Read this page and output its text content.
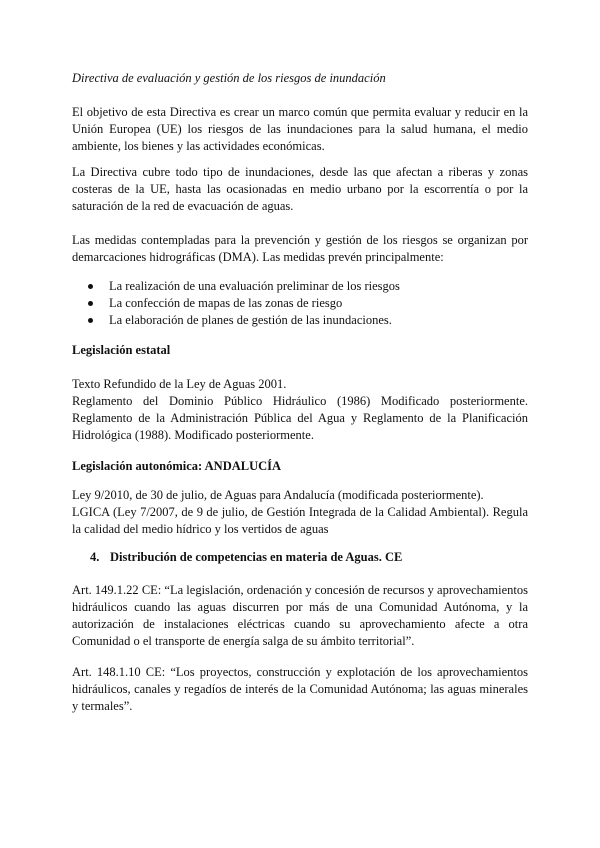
Directiva de evaluación y gestión de los riesgos de inundación

El objetivo de esta Directiva es crear un marco común que permita evaluar y reducir en la Unión Europea (UE) los riesgos de las inundaciones para la salud humana, el medio ambiente, los bienes y las actividades económicas.

La Directiva cubre todo tipo de inundaciones, desde las que afectan a riberas y zonas costeras de la UE, hasta las ocasionadas en medio urbano por la escorrentía o por la saturación de la red de evacuación de aguas.

Las medidas contempladas para la prevención y gestión de los riesgos se organizan por demarcaciones hidrográficas (DMA). Las medidas prevén principalmente:

La realización de una evaluación preliminar de los riesgos
La confección de mapas de las zonas de riesgo
La elaboración de planes de gestión de las inundaciones.

Legislación estatal

Texto Refundido de la Ley de Aguas 2001.

Reglamento del Dominio Público Hidráulico (1986) Modificado posteriormente. Reglamento de la Administración Pública del Agua y Reglamento de la Planificación Hidrológica (1988). Modificado posteriormente.

Legislación autonómica: ANDALUCÍA

Ley 9/2010, de 30 de julio, de Aguas para Andalucía (modificada posteriormente).

LGICA (Ley 7/2007, de 9 de julio, de Gestión Integrada de la Calidad Ambiental). Regula la calidad del medio hídrico y los vertidos de aguas

4. Distribución de competencias en materia de Aguas. CE

Art. 149.1.22 CE: “La legislación, ordenación y concesión de recursos y aprovechamientos hidráulicos cuando las aguas discurren por más de una Comunidad Autónoma, y la autorización de instalaciones eléctricas cuando su aprovechamiento afecte a otra Comunidad o el transporte de energía salga de su ámbito territorial”.

Art. 148.1.10 CE: “Los proyectos, construcción y explotación de los aprovechamientos hidráulicos, canales y regadíos de interés de la Comunidad Autónoma; las aguas minerales y termales”.
